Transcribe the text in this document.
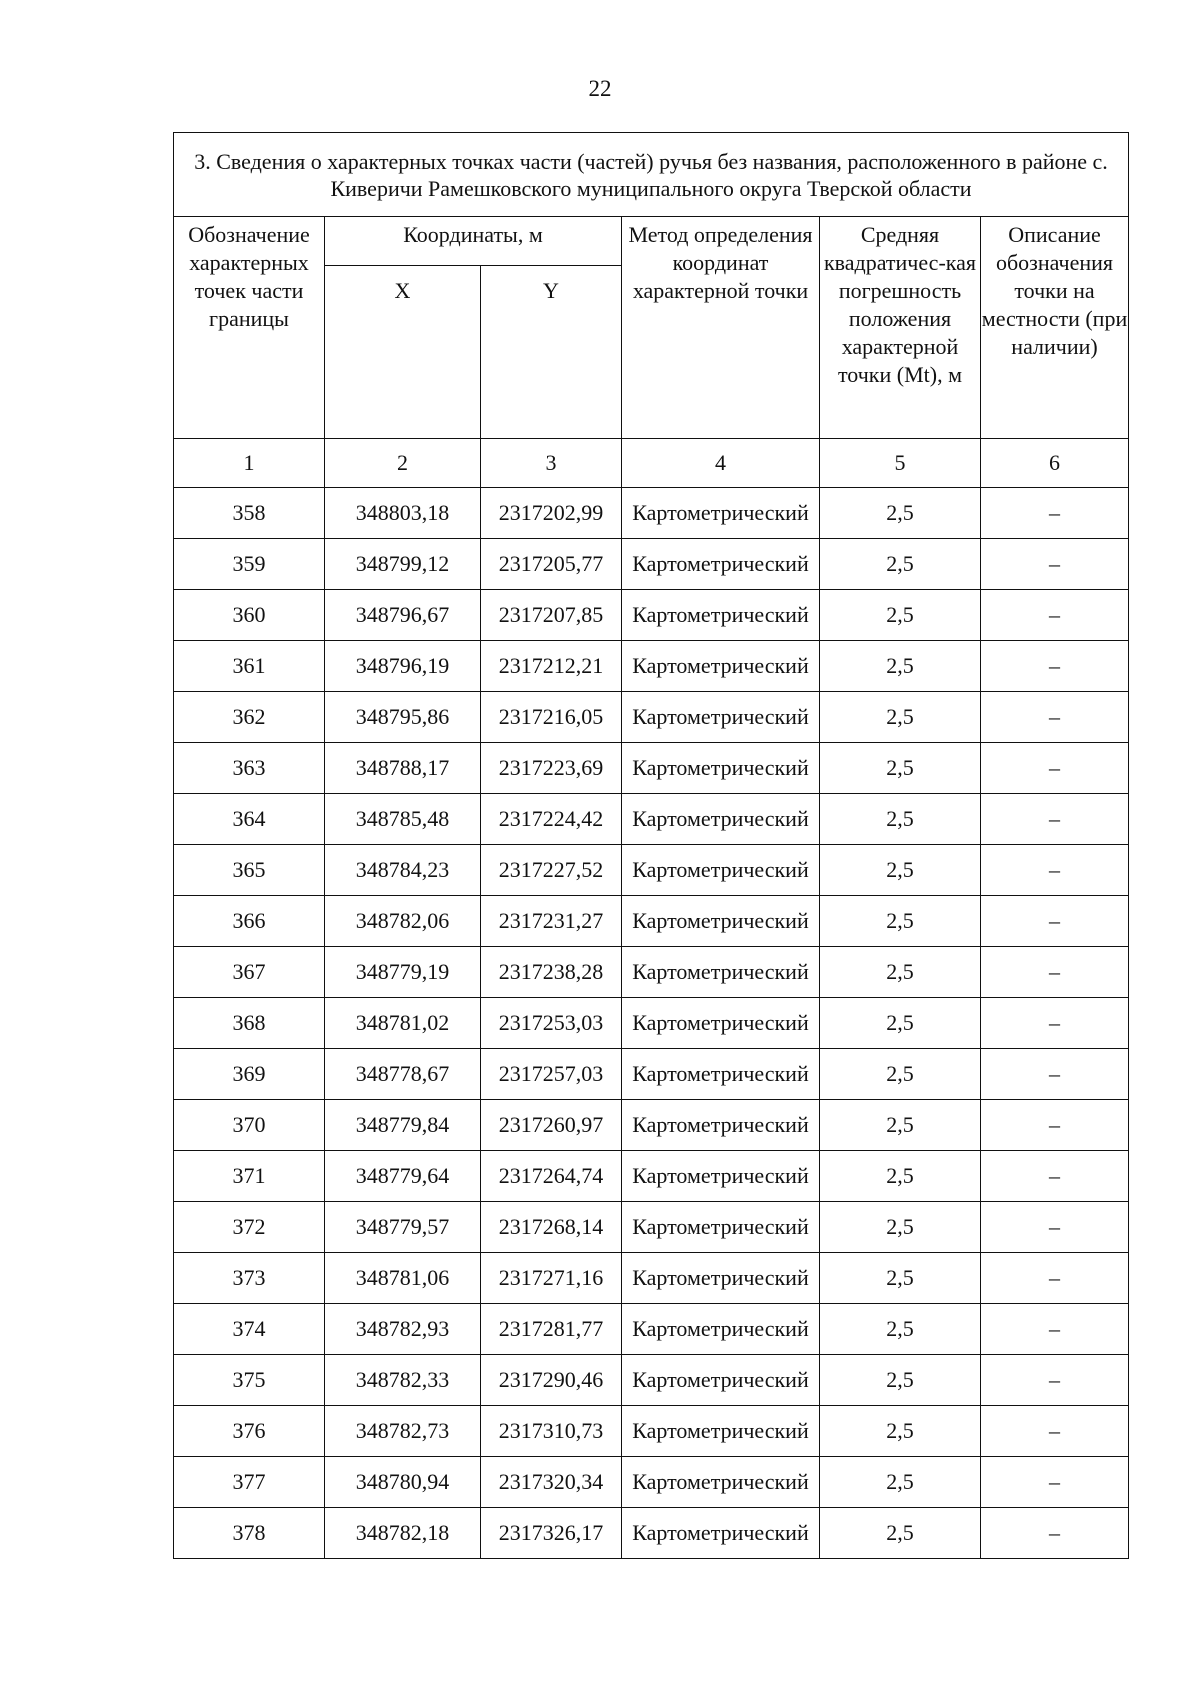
22
3. Сведения о характерных точках части (частей) ручья без названия, расположенного в районе с. Киверичи Рамешковского муниципального округа Тверской области					
Обозначение характерных точек части границы	Координаты, м		Метод определения координат характерной точки	Средняя квадратичес-кая погрешность положения характерной точки (Mt), м	Описание обозначения точки на местности (при наличии)
	X	Y			
1	2	3	4	5	6
358	348803,18	2317202,99	Картометрический	2,5	–
359	348799,12	2317205,77	Картометрический	2,5	–
360	348796,67	2317207,85	Картометрический	2,5	–
361	348796,19	2317212,21	Картометрический	2,5	–
362	348795,86	2317216,05	Картометрический	2,5	–
363	348788,17	2317223,69	Картометрический	2,5	–
364	348785,48	2317224,42	Картометрический	2,5	–
365	348784,23	2317227,52	Картометрический	2,5	–
366	348782,06	2317231,27	Картометрический	2,5	–
367	348779,19	2317238,28	Картометрический	2,5	–
368	348781,02	2317253,03	Картометрический	2,5	–
369	348778,67	2317257,03	Картометрический	2,5	–
370	348779,84	2317260,97	Картометрический	2,5	–
371	348779,64	2317264,74	Картометрический	2,5	–
372	348779,57	2317268,14	Картометрический	2,5	–
373	348781,06	2317271,16	Картометрический	2,5	–
374	348782,93	2317281,77	Картометрический	2,5	–
375	348782,33	2317290,46	Картометрический	2,5	–
376	348782,73	2317310,73	Картометрический	2,5	–
377	348780,94	2317320,34	Картометрический	2,5	–
378	348782,18	2317326,17	Картометрический	2,5	–
